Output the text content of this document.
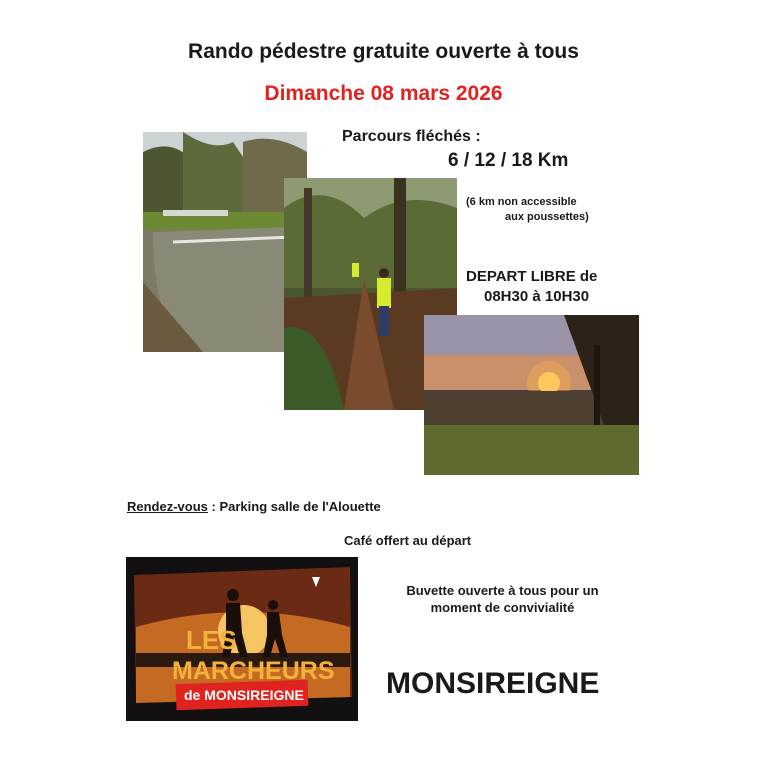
Rando pédestre gratuite ouverte à tous
Dimanche 08 mars 2026
Parcours fléchés :
6 / 12 / 18 Km
(6 km non accessible
aux poussettes)
DEPART LIBRE de
08H30 à 10H30
Rendez-vous : Parking salle de l'Alouette
Café offert au départ
LES
MARCHEURS
de MONSIREIGNE
Buvette ouverte à tous pour un
moment de convivialité
MONSIREIGNE
